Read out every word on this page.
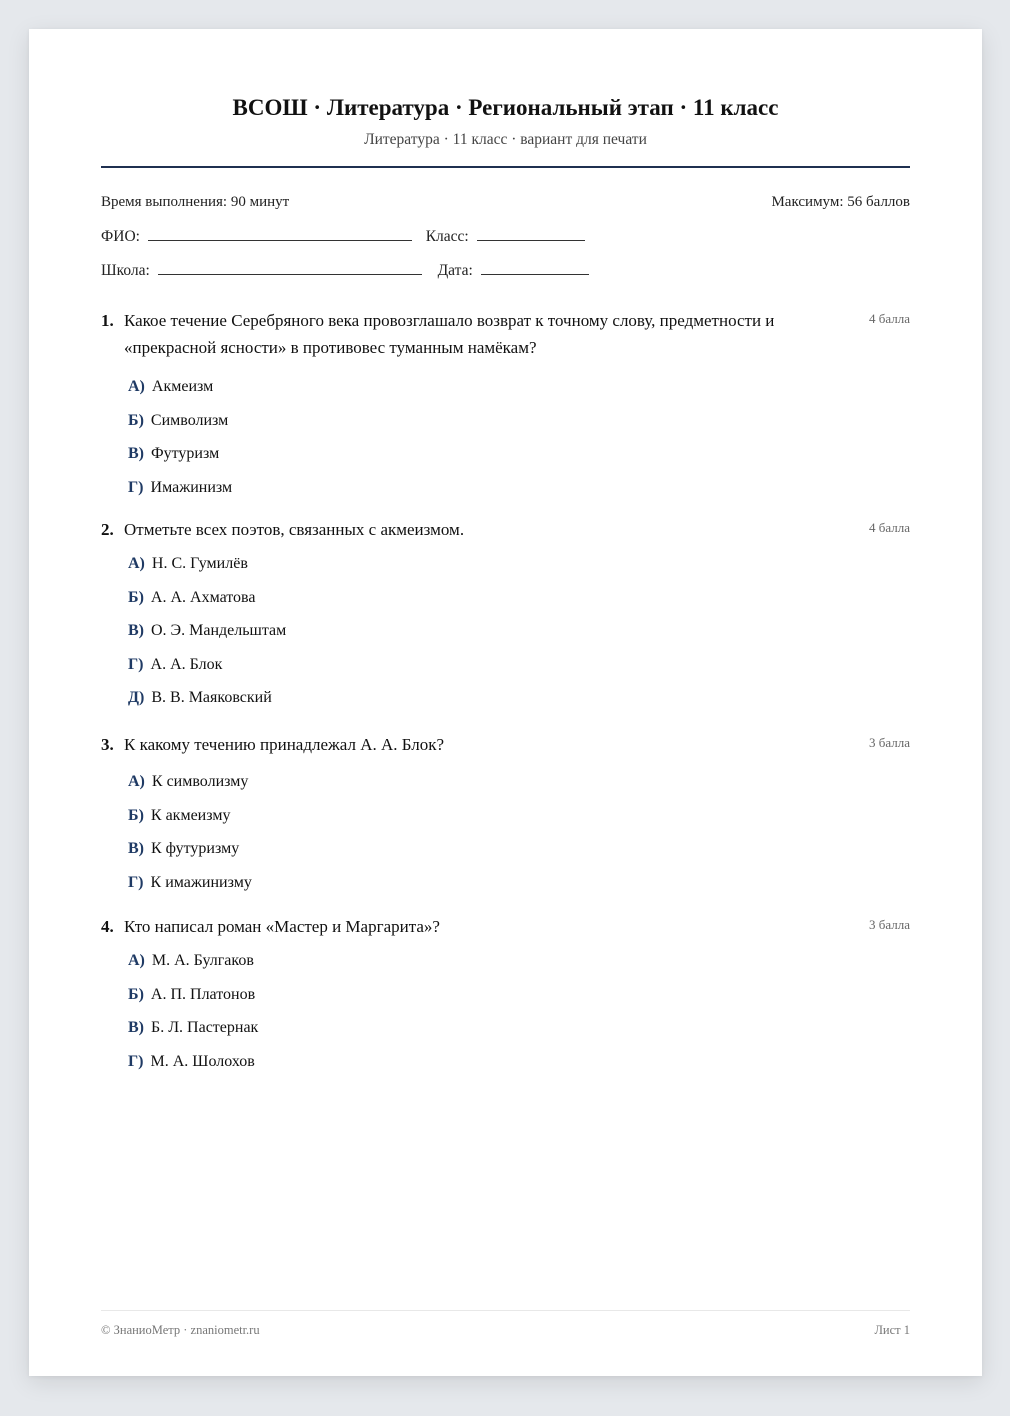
ВСОШ · Литература · Региональный этап · 11 класс
Литература · 11 класс · вариант для печати
Время выполнения: 90 минут	Максимум: 56 баллов
ФИО:	Класс:
Школа:	Дата:
1. Какое течение Серебряного века провозглашало возврат к точному слову, предметности и «прекрасной ясности» в противовес туманным намёкам?
4 балла
А) Акмеизм
Б) Символизм
В) Футуризм
Г) Имажинизм
2. Отметьте всех поэтов, связанных с акмеизмом.	4 балла
А) Н. С. Гумилёв
Б) А. А. Ахматова
В) О. Э. Мандельштам
Г) А. А. Блок
Д) В. В. Маяковский
3. К какому течению принадлежал А. А. Блок?	3 балла
А) К символизму
Б) К акмеизму
В) К футуризму
Г) К имажинизму
4. Кто написал роман «Мастер и Маргарита»?	3 балла
А) М. А. Булгаков
Б) А. П. Платонов
В) Б. Л. Пастернак
Г) М. А. Шолохов
© ЗнаниоМетр · znaniometr.ru	Лист 1
